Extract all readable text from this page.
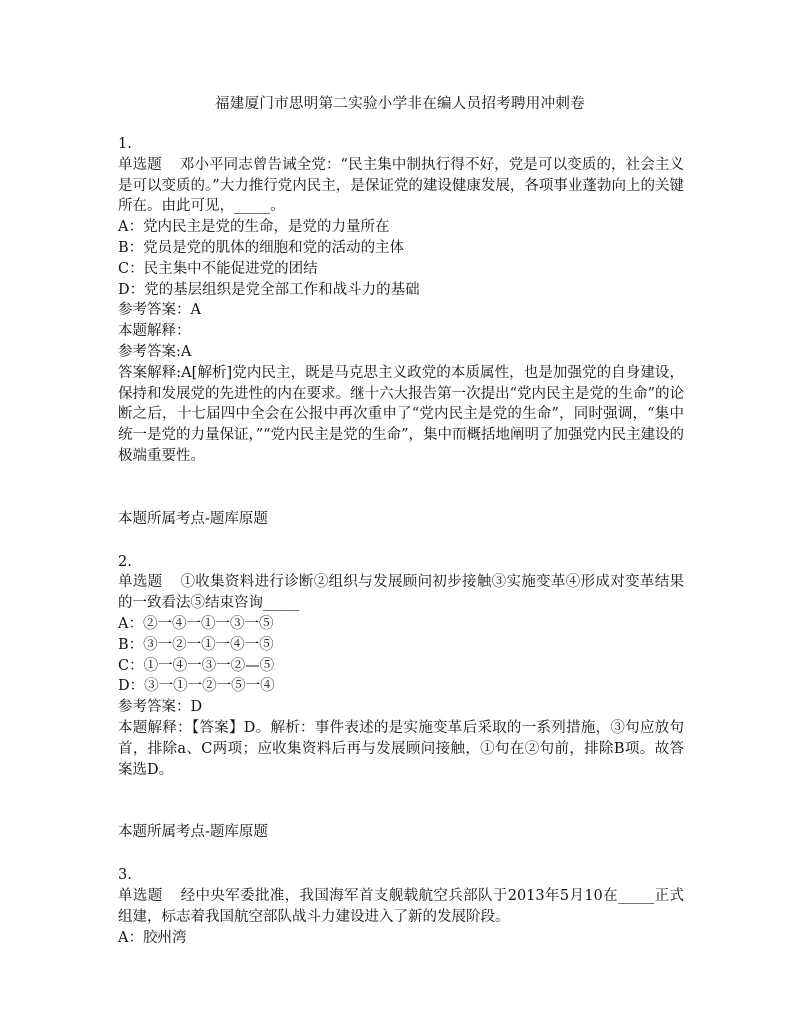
福建厦门市思明第二实验小学非在编人员招考聘用冲刺卷
1.
单选题 邓小平同志曾告诫全党：“民主集中制执行得不好，党是可以变质的，社会主义是可以变质的。”大力推行党内民主，是保证党的建设健康发展，各项事业蓬勃向上的关键所在。由此可见，_____。
A：党内民主是党的生命，是党的力量所在
B：党员是党的肌体的细胞和党的活动的主体
C：民主集中不能促进党的团结
D：党的基层组织是党全部工作和战斗力的基础
参考答案：A
本题解释：
参考答案:A
答案解释:A[解析]党内民主，既是马克思主义政党的本质属性，也是加强党的自身建设，保持和发展党的先进性的内在要求。继十六大报告第一次提出“党内民主是党的生命”的论断之后，十七届四中全会在公报中再次重申了“党内民主是党的生命”，同时强调，“集中统一是党的力量保证，”“党内民主是党的生命”，集中而概括地阐明了加强党内民主建设的极端重要性。
本题所属考点-题库原题
2.
单选题 ①收集资料进行诊断②组织与发展顾问初步接触③实施变革④形成对变革结果的一致看法⑤结束咨询_____
A：②一④一①一③一⑤
B：③一②一①一④一⑤
C：①一④一③一②—⑤
D：③一①一②一⑤一④
参考答案：D
本题解释：【答案】D。解析：事件表述的是实施变革后采取的一系列措施，③句应放句首，排除a、C两项；应收集资料后再与发展顾问接触，①句在②句前，排除B项。故答案选D。
本题所属考点-题库原题
3.
单选题 经中央军委批准，我国海军首支舰载航空兵部队于2013年5月10在_____正式组建，标志着我国航空部队战斗力建设进入了新的发展阶段。
A：胶州湾
